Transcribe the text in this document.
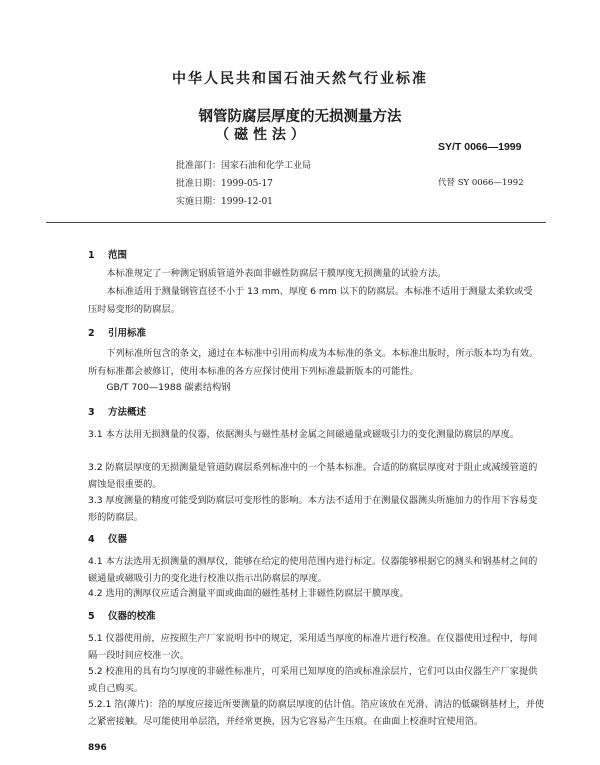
中华人民共和国石油天然气行业标准
钢管防腐层厚度的无损测量方法
（ 磁 性 法 ）
SY/T 0066—1999
批准部门：国家石油和化学工业局
批准日期：1999-05-17
实施日期：1999-12-01
代替 SY 0066—1992
1 范围
本标准规定了一种测定钢质管道外表面非磁性防腐层干膜厚度无损测量的试验方法。
本标准适用于测量钢管直径不小于 13 mm、厚度 6 mm 以下的防腐层。本标准不适用于测量太柔软或受压时易变形的防腐层。
2 引用标准
下列标准所包含的条文，通过在本标准中引用而构成为本标准的条文。本标准出版时，所示版本均为有效。所有标准都会被修订，使用本标准的各方应探讨使用下列标准最新版本的可能性。
GB/T 700—1988 碳素结构钢
3 方法概述
3.1 本方法用无损测量的仪器，依据测头与磁性基材金属之间磁通量或磁吸引力的变化测量防腐层的厚度。
3.2 防腐层厚度的无损测量是管道防腐层系列标准中的一个基本标准。合适的防腐层厚度对于阻止或减缓管道的腐蚀是很重要的。
3.3 厚度测量的精度可能受到防腐层可变形性的影响。本方法不适用于在测量仪器测头所施加力的作用下容易变形的防腐层。
4 仪器
4.1 本方法选用无损测量的测厚仪，能够在给定的使用范围内进行标定。仪器能够根据它的测头和钢基材之间的磁通量或磁吸引力的变化进行校准以指示出防腐层的厚度。
4.2 选用的测厚仪应适合测量平面或曲面的磁性基材上非磁性防腐层干膜厚度。
5 仪器的校准
5.1 仪器使用前，应按照生产厂家说明书中的规定，采用适当厚度的标准片进行校准。在仪器使用过程中，每间隔一段时间应校准一次。
5.2 校准用的具有均匀厚度的非磁性标准片，可采用已知厚度的箔或标准涂层片，它们可以由仪器生产厂家提供或自己购买。
5.2.1 箔(薄片)：箔的厚度应接近所要测量的防腐层厚度的估计值。箔应该放在光滑、清洁的低碳钢基材上，并使之紧密接触。尽可能使用单层箔，并经常更换，因为它容易产生压痕。在曲面上校准时宜使用箔。
896
